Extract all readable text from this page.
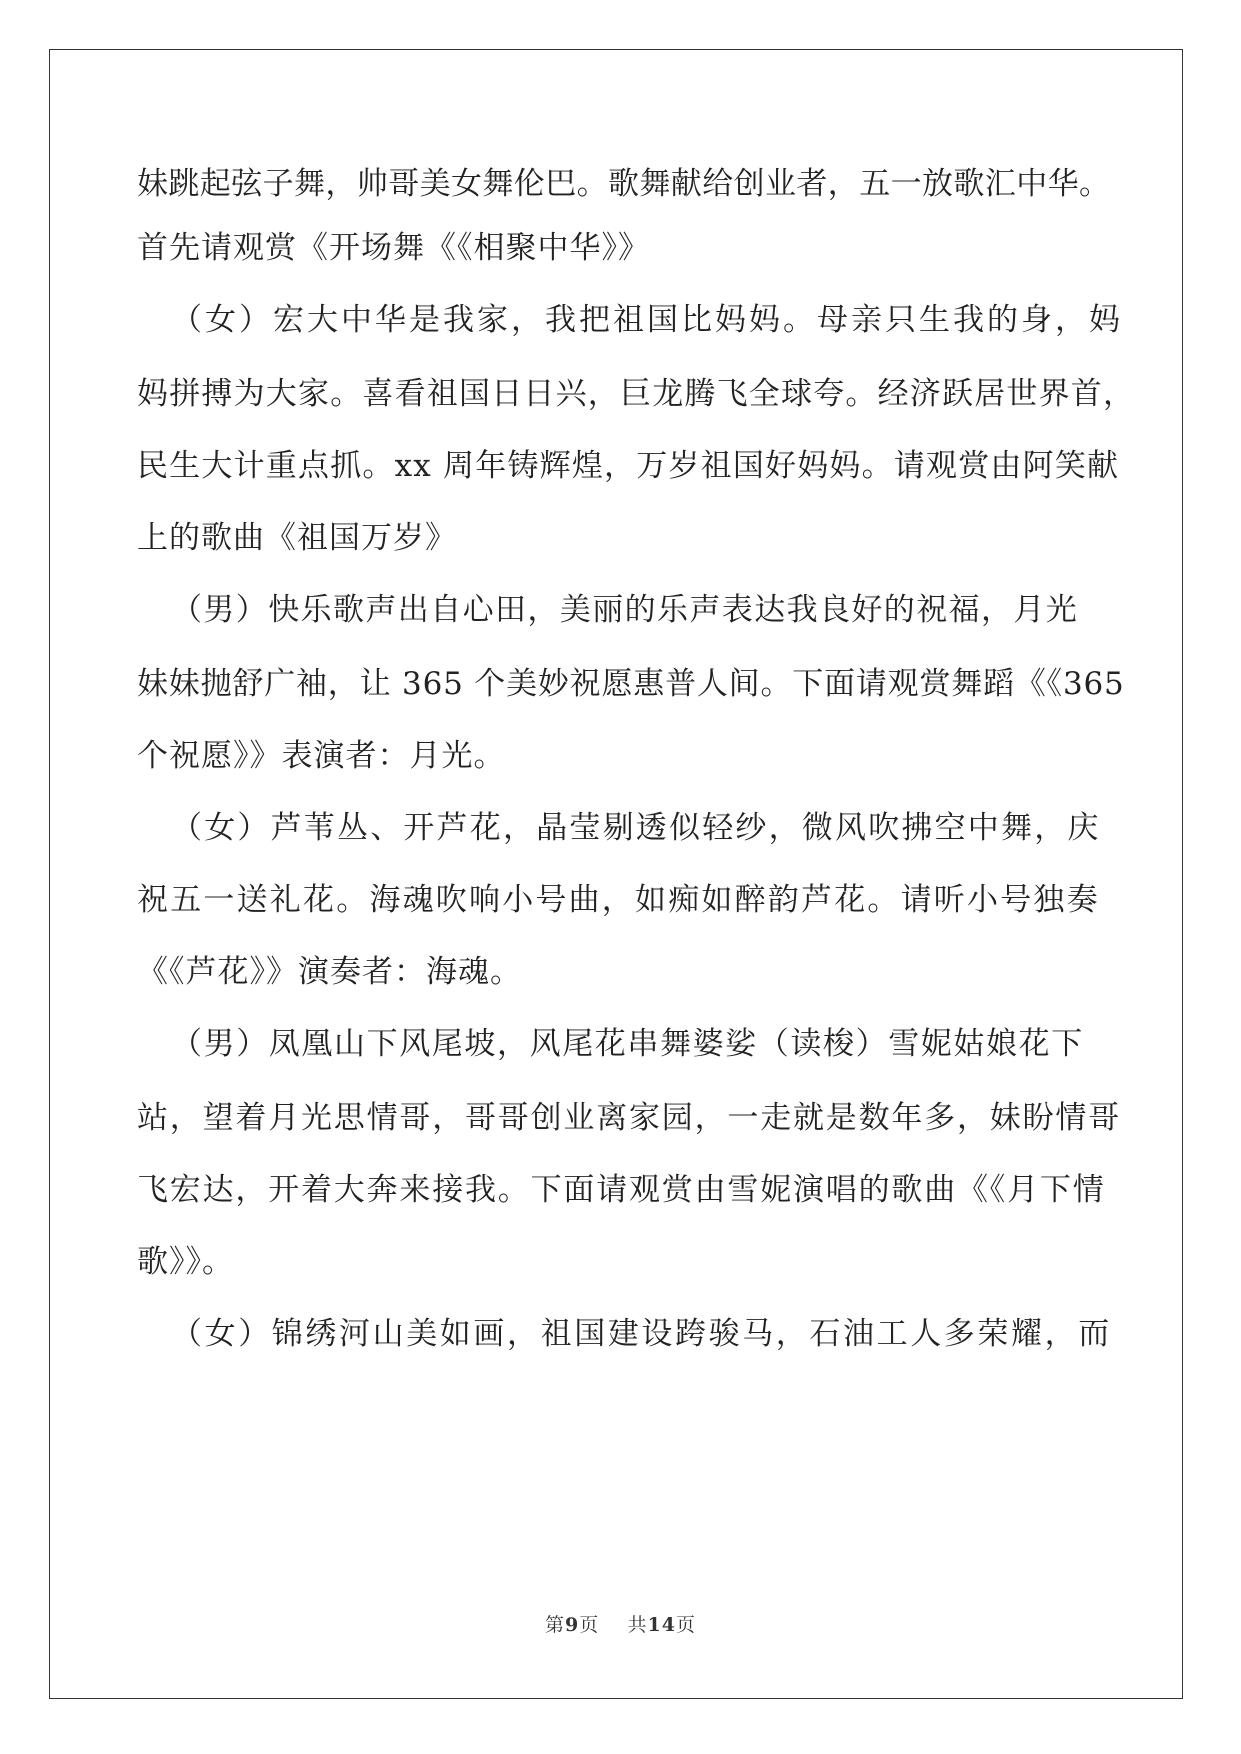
妹跳起弦子舞，帅哥美女舞伦巴。歌舞献给创业者，五一放歌汇中华。
首先请观赏《开场舞《《相聚中华》》
（女）宏大中华是我家，我把祖国比妈妈。母亲只生我的身，妈
妈拼搏为大家。喜看祖国日日兴，巨龙腾飞全球夸。经济跃居世界首，
民生大计重点抓。xx 周年铸辉煌，万岁祖国好妈妈。请观赏由阿笑献
上的歌曲《祖国万岁》
（男）快乐歌声出自心田，美丽的乐声表达我良好的祝福，月光
妹妹抛舒广袖，让 365 个美妙祝愿惠普人间。下面请观赏舞蹈《《365
个祝愿》》表演者：月光。
（女）芦苇丛、开芦花，晶莹剔透似轻纱，微风吹拂空中舞，庆
祝五一送礼花。海魂吹响小号曲，如痴如醉韵芦花。请听小号独奏
《《芦花》》演奏者：海魂。
（男）凤凰山下风尾坡，风尾花串舞婆娑（读梭）雪妮姑娘花下
站，望着月光思情哥，哥哥创业离家园，一走就是数年多，妹盼情哥
飞宏达，开着大奔来接我。下面请观赏由雪妮演唱的歌曲《《月下情
歌》》。
（女）锦绣河山美如画，祖国建设跨骏马，石油工人多荣耀，而
第9页 共14页
